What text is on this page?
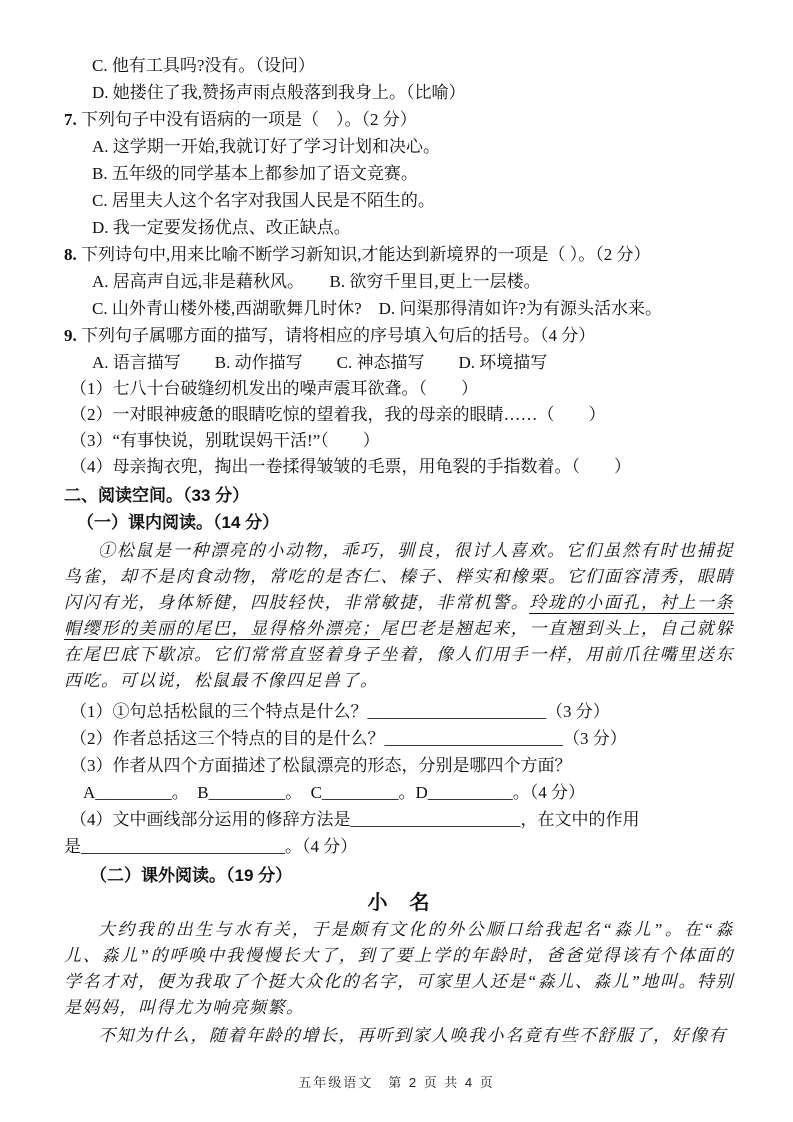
C. 他有工具吗?没有。（设问）
D. 她搂住了我,赞扬声雨点般落到我身上。（比喻）
7. 下列句子中没有语病的一项是（　）。（2 分）
A. 这学期一开始,我就订好了学习计划和决心。
B. 五年级的同学基本上都参加了语文竞赛。
C. 居里夫人这个名字对我国人民是不陌生的。
D. 我一定要发扬优点、改正缺点。
8. 下列诗句中,用来比喻不断学习新知识,才能达到新境界的一项是（ ）。（2 分）
A. 居高声自远,非是藉秋风。　　B. 欲穷千里目,更上一层楼。
C. 山外青山楼外楼,西湖歌舞几时休?　D. 问渠那得清如许?为有源头活水来。
9. 下列句子属哪方面的描写，请将相应的序号填入句后的括号。（4 分）
A. 语言描写　　B. 动作描写　　C. 神态描写　　D. 环境描写
（1）七八十台破缝纫机发出的噪声震耳欲聋。（　　）
（2）一对眼神疲惫的眼睛吃惊的望着我，我的母亲的眼睛……（　　）
（3）“有事快说，别耽误妈干活!”（　　）
（4）母亲掏衣兜，掏出一卷揉得皱皱的毛票，用龟裂的手指数着。（　　）
二、阅读空间。（33 分）
（一）课内阅读。（14 分）
①松鼠是一种漂亮的小动物，乖巧，驯良，很讨人喜欢。它们虽然有时也捕捉鸟雀，却不是肉食动物，常吃的是杏仁、榛子、榉实和橡栗。它们面容清秀，眼睛闪闪有光，身体矫健，四肢轻快，非常敏捷，非常机警。玲珑的小面孔，衬上一条帽缨形的美丽的尾巴，显得格外漂亮；尾巴老是翘起来，一直翘到头上，自己就躲在尾巴底下歇凉。它们常常直竖着身子坐着，像人们用手一样，用前爪往嘴里送东西吃。可以说，松鼠最不像四足兽了。
（1）①句总括松鼠的三个特点是什么？_____________________（3 分）
（2）作者总括这三个特点的目的是什么？_____________________（3 分）
（3）作者从四个方面描述了松鼠漂亮的形态，分别是哪四个方面？
A_________。　B_________。　C_________。D__________。（4 分）
（4）文中画线部分运用的修辞方法是____________________，在文中的作用
是________________________。（4 分）
（二）课外阅读。（19 分）
小　名
大约我的出生与水有关，于是颇有文化的外公顺口给我起名“淼儿”。在“淼儿、淼儿”的呼唤中我慢慢长大了，到了要上学的年龄时，爸爸觉得该有个体面的学名才对，便为我取了个挺大众化的名字，可家里人还是“淼儿、淼儿”地叫。特别是妈妈，叫得尤为响亮频繁。
不知为什么，随着年龄的增长，再听到家人唤我小名竟有些不舒服了，好像有
五年级语文　第 2 页 共 4 页
